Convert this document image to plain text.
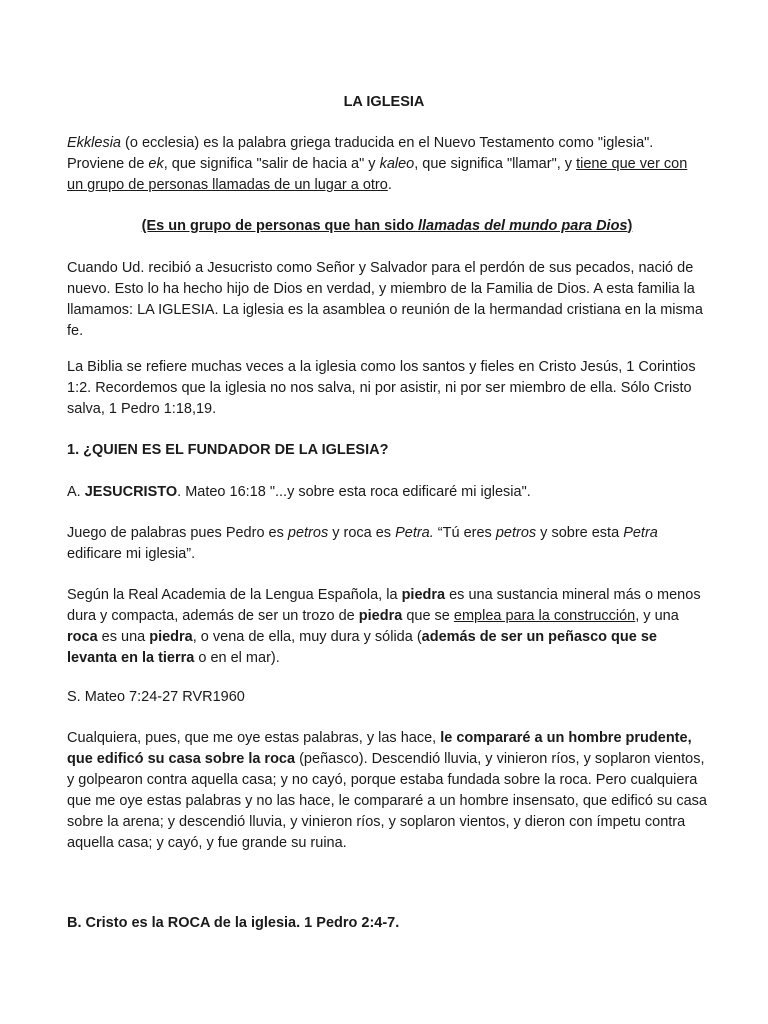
LA IGLESIA

Ekklesia (o ecclesia) es la palabra griega traducida en el Nuevo Testamento como "iglesia". Proviene de ek, que significa "salir de hacia a" y kaleo, que significa "llamar", y tiene que ver con un grupo de personas llamadas de un lugar a otro.

(Es un grupo de personas que han sido llamadas del mundo para Dios)

Cuando Ud. recibió a Jesucristo como Señor y Salvador para el perdón de sus pecados, nació de nuevo. Esto lo ha hecho hijo de Dios en verdad, y miembro de la Familia de Dios. A esta familia la llamamos: LA IGLESIA. La iglesia es la asamblea o reunión de la hermandad cristiana en la misma fe.

La Biblia se refiere muchas veces a la iglesia como los santos y fieles en Cristo Jesús, 1 Corintios 1:2. Recordemos que la iglesia no nos salva, ni por asistir, ni por ser miembro de ella. Sólo Cristo salva, 1 Pedro 1:18,19.

1. ¿QUIEN ES EL FUNDADOR DE LA IGLESIA?

A. JESUCRISTO. Mateo 16:18 "...y sobre esta roca edificaré mi iglesia".

Juego de palabras pues Pedro es petros y roca es Petra. “Tú eres petros y sobre esta Petra edificare mi iglesia”.

Según la Real Academia de la Lengua Española, la piedra es una sustancia mineral más o menos dura y compacta, además de ser un trozo de piedra que se emplea para la construcción, y una roca es una piedra, o vena de ella, muy dura y sólida (además de ser un peñasco que se levanta en la tierra o en el mar).

S. Mateo 7:24-27 RVR1960

Cualquiera, pues, que me oye estas palabras, y las hace, le compararé a un hombre prudente, que edificó su casa sobre la roca (peñasco). Descendió lluvia, y vinieron ríos, y soplaron vientos, y golpearon contra aquella casa; y no cayó, porque estaba fundada sobre la roca. Pero cualquiera que me oye estas palabras y no las hace, le compararé a un hombre insensato, que edificó su casa sobre la arena; y descendió lluvia, y vinieron ríos, y soplaron vientos, y dieron con ímpetu contra aquella casa; y cayó, y fue grande su ruina.

B. Cristo es la ROCA de la iglesia. 1 Pedro 2:4-7.
